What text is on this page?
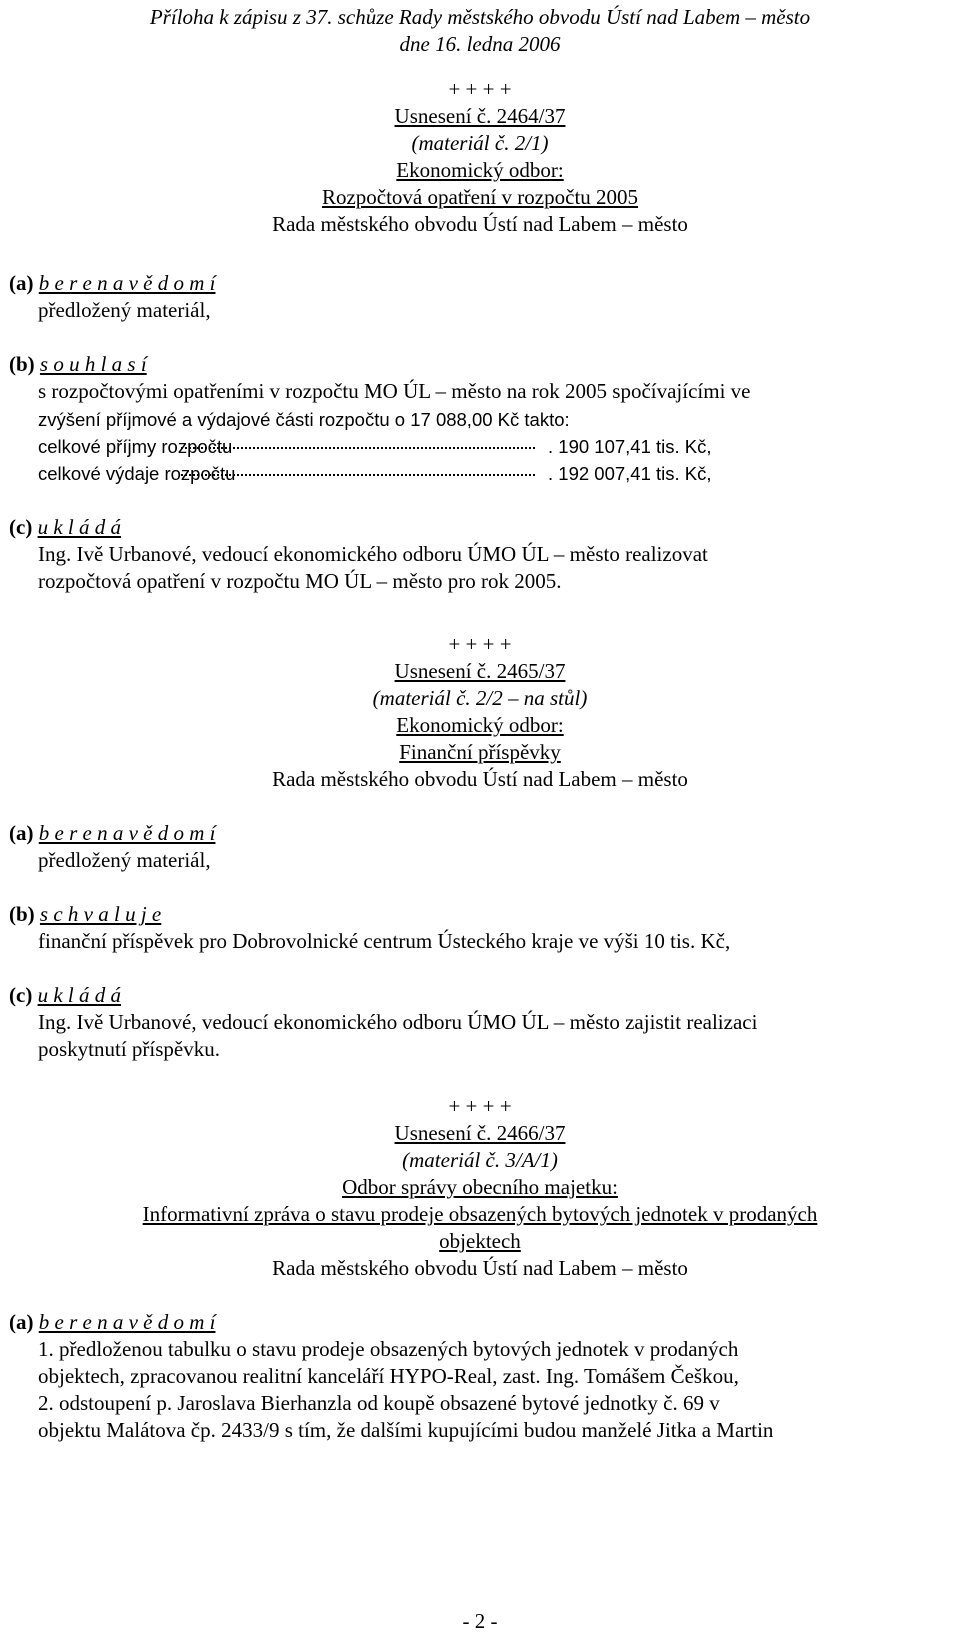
Příloha k zápisu z 37. schůze Rady městského obvodu Ústí nad Labem – město
dne 16. ledna 2006
+ + + +
Usnesení č. 2464/37
(materiál č. 2/1)
Ekonomický odbor:
Rozpočtová opatření v rozpočtu 2005
Rada městského obvodu Ústí nad Labem – město
(a) b e r e n a v ě d o m í
předložený materiál,
(b) s o u h l a s í
s rozpočtovými opatřeními v rozpočtu MO ÚL – město na rok 2005 spočívajícími ve
zvýšení příjmové a výdajové části rozpočtu o 17 088,00 Kč takto:
celkové příjmy rozpočtu	. 190 107,41 tis. Kč,
celkové výdaje rozpočtu	. 192 007,41 tis. Kč,
(c) u k l á d á
Ing. Ivě Urbanové, vedoucí ekonomického odboru ÚMO ÚL – město realizovat
rozpočtová opatření v rozpočtu MO ÚL – město pro rok 2005.
+ + + +
Usnesení č. 2465/37
(materiál č. 2/2 – na stůl)
Ekonomický odbor:
Finanční příspěvky
Rada městského obvodu Ústí nad Labem – město
(a) b e r e n a v ě d o m í
předložený materiál,
(b) s c h v a l u j e
finanční příspěvek pro Dobrovolnické centrum Ústeckého kraje ve výši 10 tis. Kč,
(c) u k l á d á
Ing. Ivě Urbanové, vedoucí ekonomického odboru ÚMO ÚL – město zajistit realizaci
poskytnutí příspěvku.
+ + + +
Usnesení č. 2466/37
(materiál č. 3/A/1)
Odbor správy obecního majetku:
Informativní zpráva o stavu prodeje obsazených bytových jednotek v prodaných
objektech
Rada městského obvodu Ústí nad Labem – město
(a) b e r e n a v ě d o m í
1. předloženou tabulku o stavu prodeje obsazených bytových jednotek v prodaných
objektech, zpracovanou realitní kanceláří HYPO-Real, zast. Ing. Tomášem Češkou,
2. odstoupení p. Jaroslava Bierhanzla od koupě obsazené bytové jednotky č. 69 v
objektu Malátova čp. 2433/9 s tím, že dalšími kupujícími budou manželé Jitka a Martin
- 2 -
